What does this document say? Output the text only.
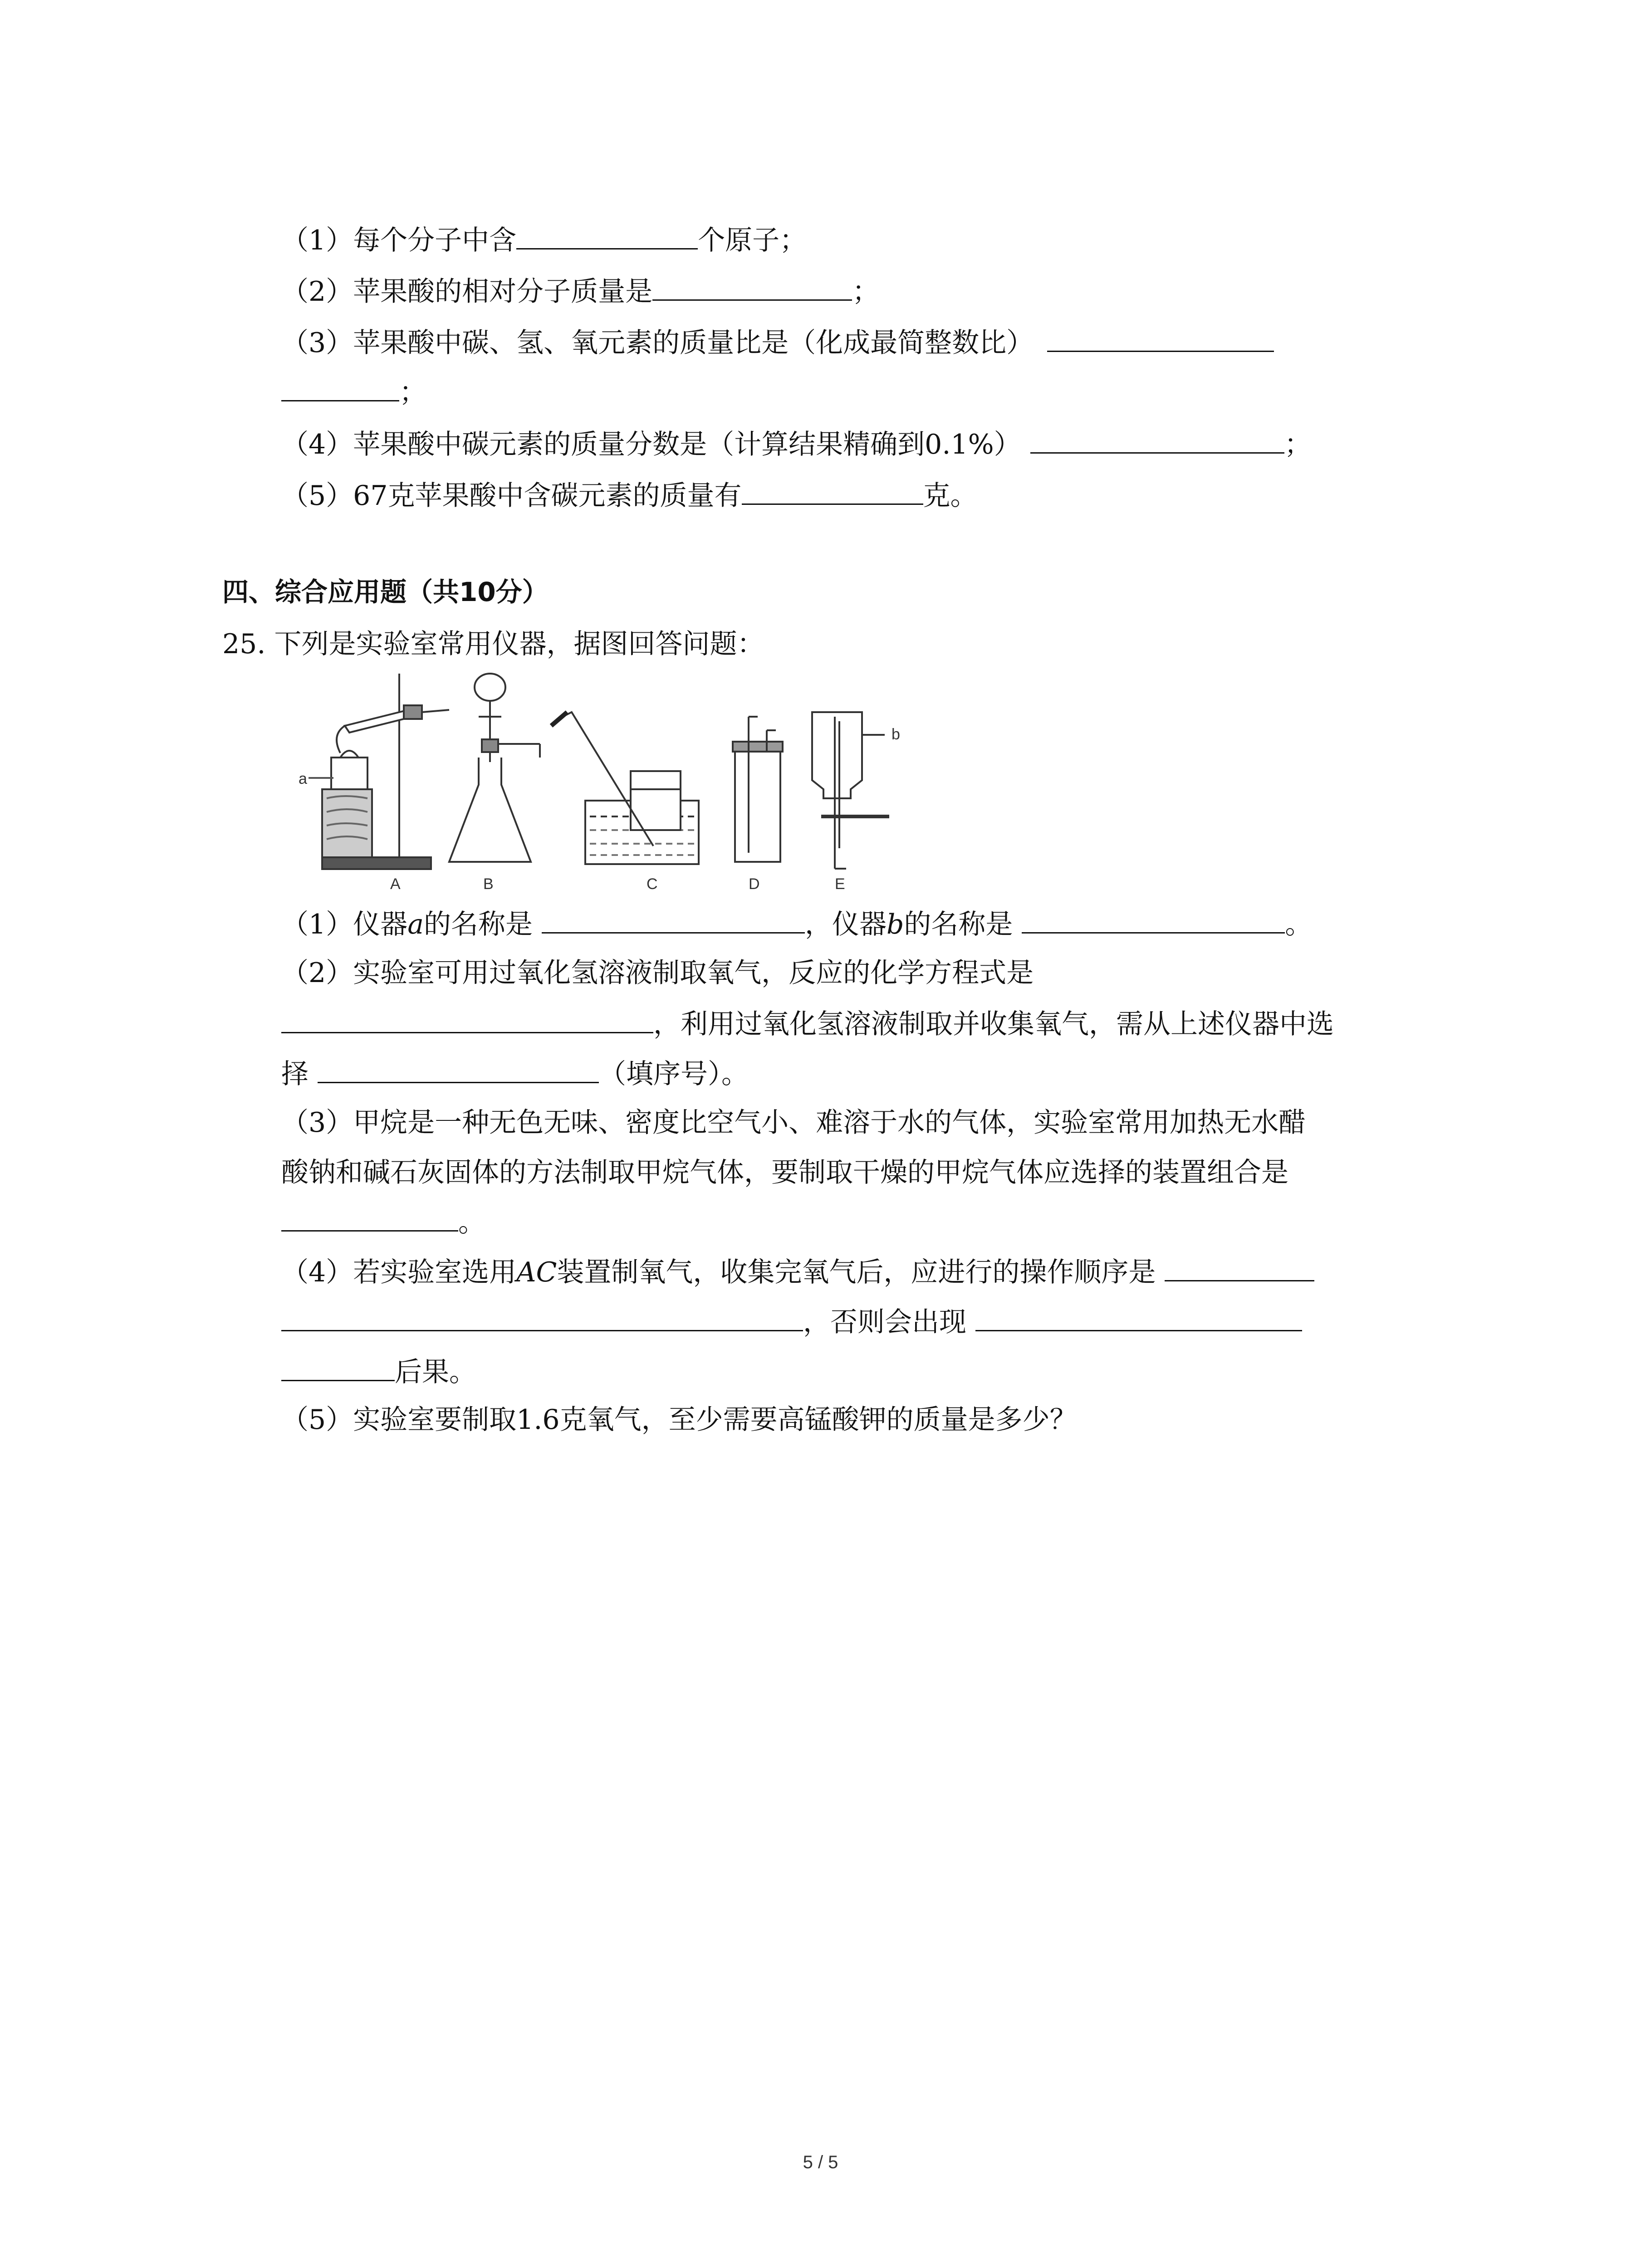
（1）每个分子中含	个原子；
（2）苹果酸的相对分子质量是	；
（3）苹果酸中碳、氢、氧元素的质量比是（化成最简整数比）
；
（4）苹果酸中碳元素的质量分数是（计算结果精确到0.1%）	；
（5）67克苹果酸中含碳元素的质量有	克。
四、综合应用题（共10分）
25. 下列是实验室常用仪器，据图回答问题：
a
b
A	B	C	D	E
（1）仪器a的名称是	，仪器b的名称是	。
（2）实验室可用过氧化氢溶液制取氧气，反应的化学方程式是
，利用过氧化氢溶液制取并收集氧气，需从上述仪器中选
择	（填序号）。
（3）甲烷是一种无色无味、密度比空气小、难溶于水的气体，实验室常用加热无水醋
酸钠和碱石灰固体的方法制取甲烷气体，要制取干燥的甲烷气体应选择的装置组合是
。
（4）若实验室选用AC装置制氧气，收集完氧气后，应进行的操作顺序是
，否则会出现
后果。
（5）实验室要制取1.6克氧气，至少需要高锰酸钾的质量是多少？
5 / 5
